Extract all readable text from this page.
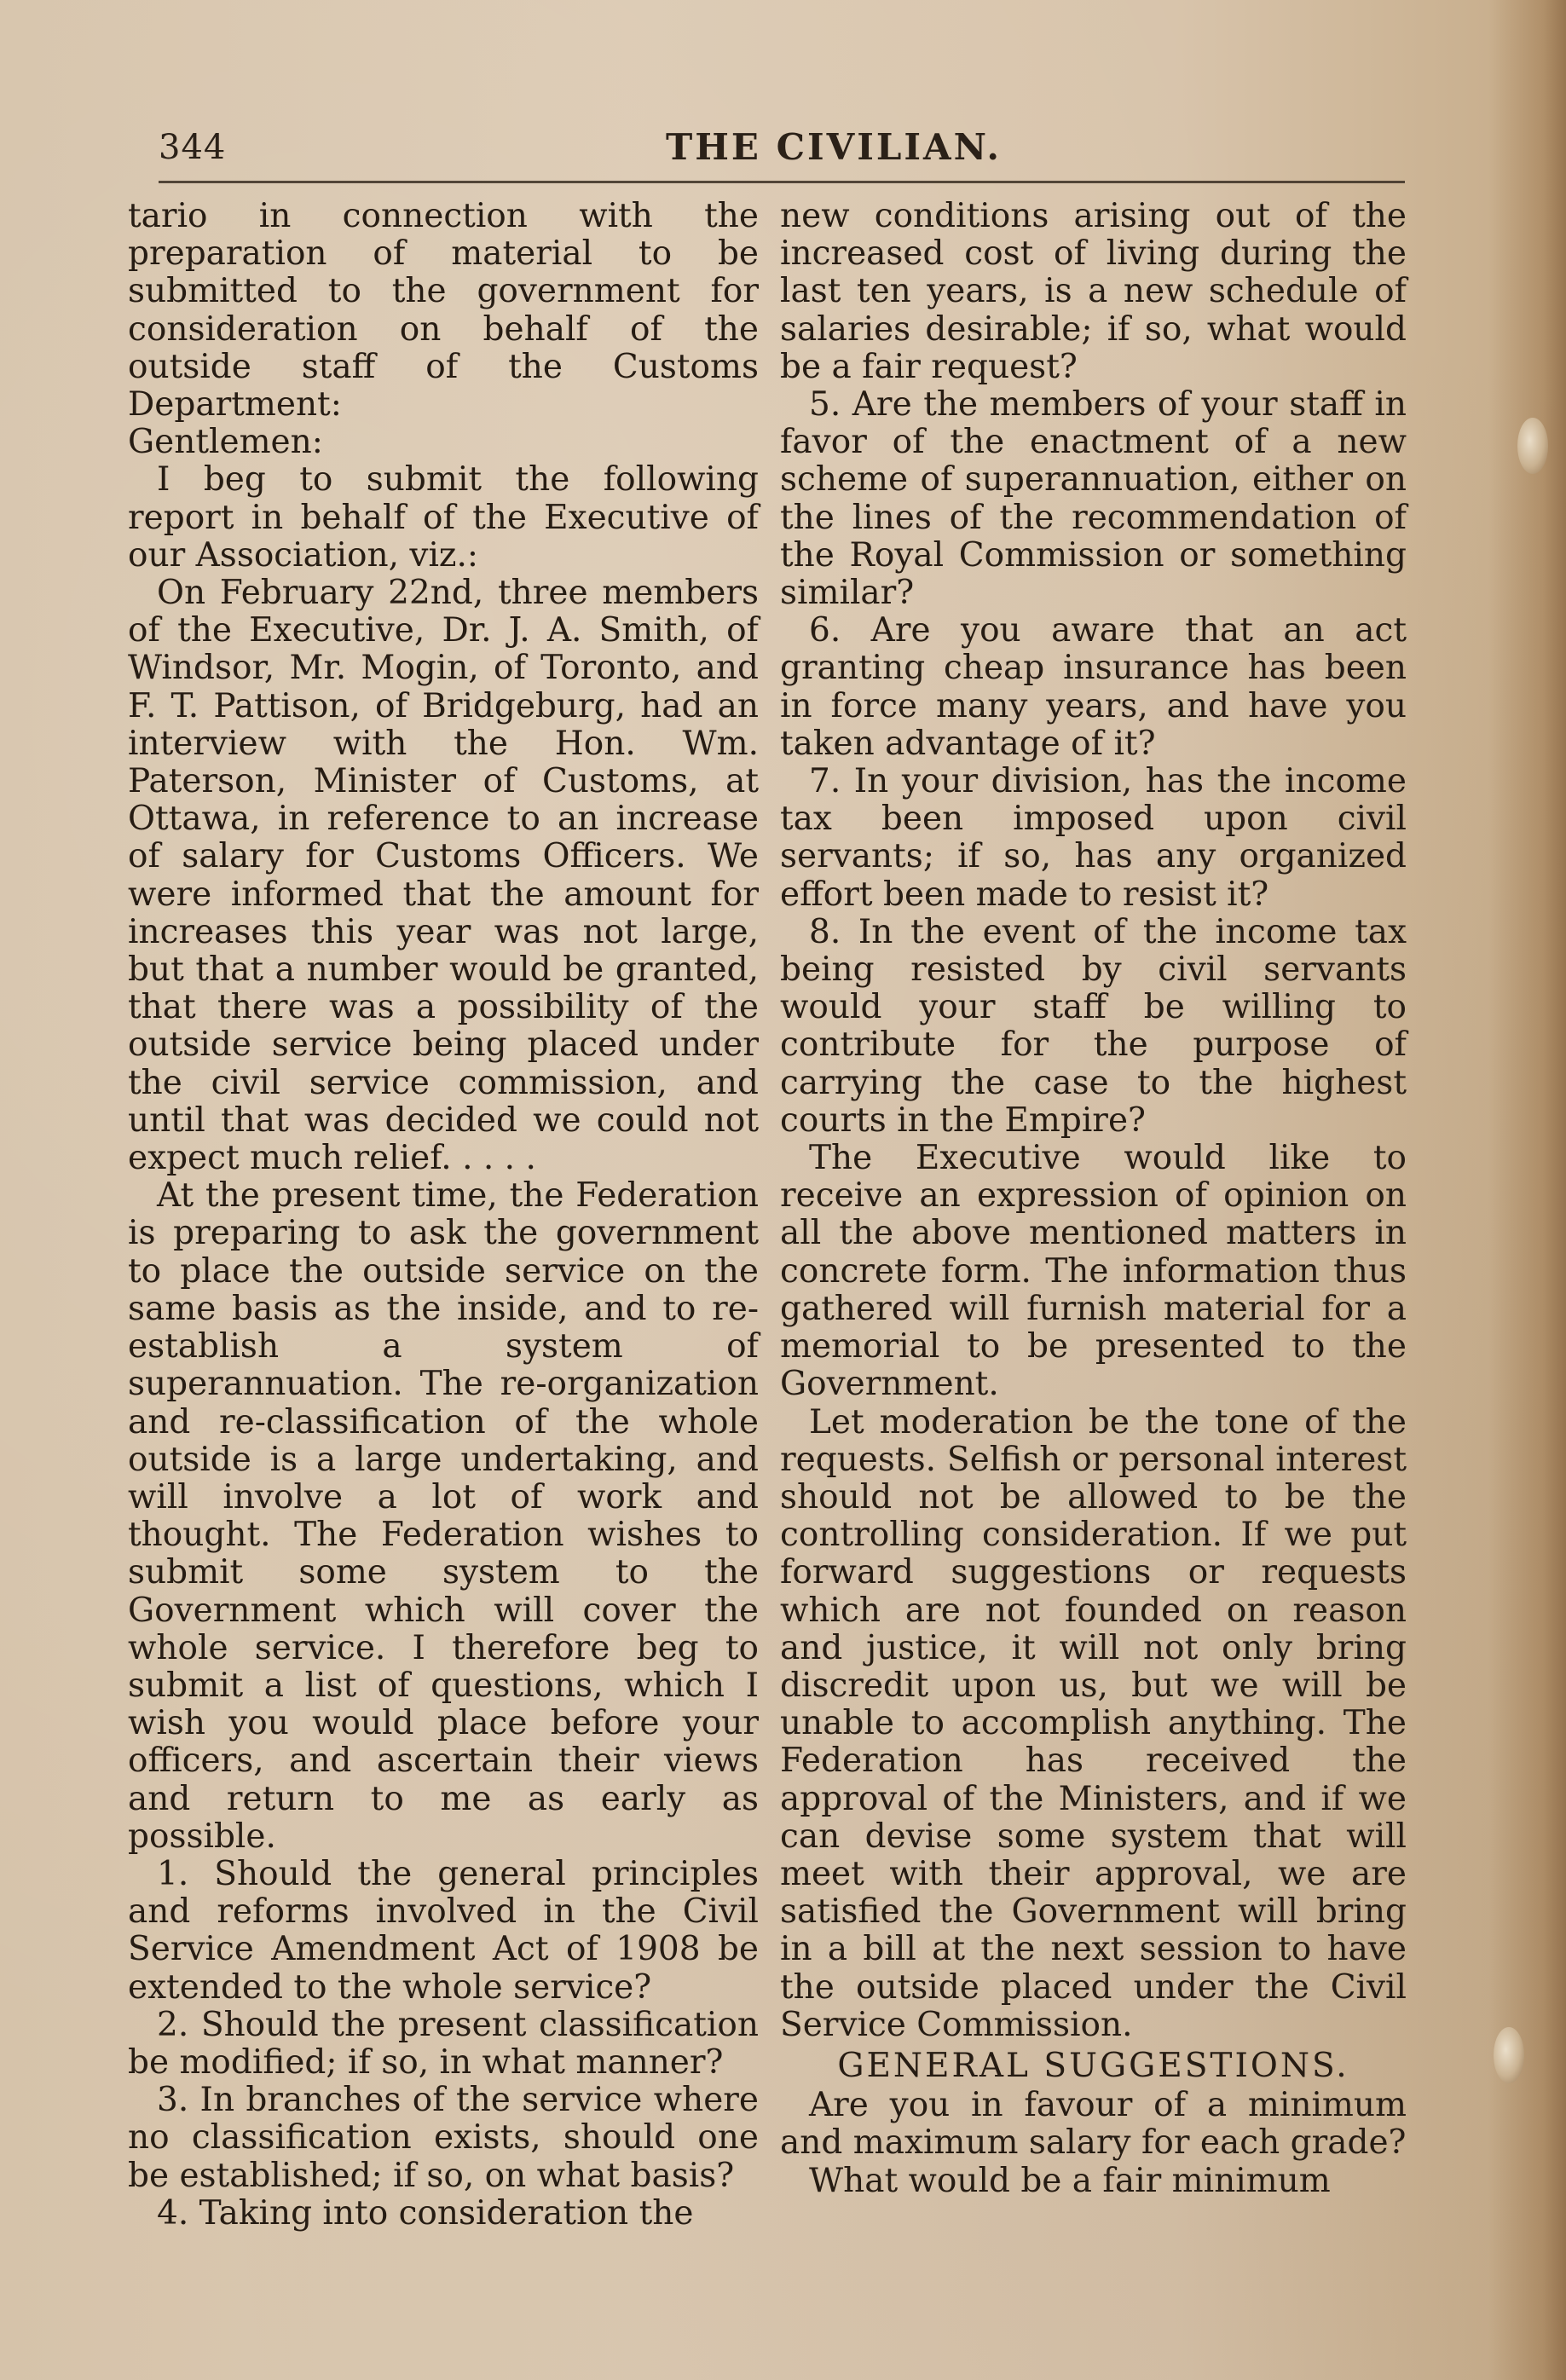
344	THE CIVILIAN.

tario in connection with the preparation of material to be submitted to the government for consideration on behalf of the outside staff of the Customs Department:

Gentlemen:

I beg to submit the following report in behalf of the Executive of our Association, viz.:

On February 22nd, three members of the Executive, Dr. J. A. Smith, of Windsor, Mr. Mogin, of Toronto, and F. T. Pattison, of Bridgeburg, had an interview with the Hon. Wm. Paterson, Minister of Customs, at Ottawa, in reference to an increase of salary for Customs Officers. We were informed that the amount for increases this year was not large, but that a number would be granted, that there was a possibility of the outside service being placed under the civil service commission, and until that was decided we could not expect much relief. . . . .

At the present time, the Federation is preparing to ask the government to place the outside service on the same basis as the inside, and to re-establish a system of superannuation. The re-organization and re-classification of the whole outside is a large undertaking, and will involve a lot of work and thought. The Federation wishes to submit some system to the Government which will cover the whole service. I therefore beg to submit a list of questions, which I wish you would place before your officers, and ascertain their views and return to me as early as possible.

1. Should the general principles and reforms involved in the Civil Service Amendment Act of 1908 be extended to the whole service?

2. Should the present classification be modified; if so, in what manner?

3. In branches of the service where no classification exists, should one be established; if so, on what basis?

4. Taking into consideration the

new conditions arising out of the increased cost of living during the last ten years, is a new schedule of salaries desirable; if so, what would be a fair request?

5. Are the members of your staff in favor of the enactment of a new scheme of superannuation, either on the lines of the recommendation of the Royal Commission or something similar?

6. Are you aware that an act granting cheap insurance has been in force many years, and have you taken advantage of it?

7. In your division, has the income tax been imposed upon civil servants; if so, has any organized effort been made to resist it?

8. In the event of the income tax being resisted by civil servants would your staff be willing to contribute for the purpose of carrying the case to the highest courts in the Empire?

The Executive would like to receive an expression of opinion on all the above mentioned matters in concrete form. The information thus gathered will furnish material for a memorial to be presented to the Government.

Let moderation be the tone of the requests. Selfish or personal interest should not be allowed to be the controlling consideration. If we put forward suggestions or requests which are not founded on reason and justice, it will not only bring discredit upon us, but we will be unable to accomplish anything. The Federation has received the approval of the Ministers, and if we can devise some system that will meet with their approval, we are satisfied the Government will bring in a bill at the next session to have the outside placed under the Civil Service Commission.

GENERAL SUGGESTIONS.

Are you in favour of a minimum and maximum salary for each grade?

What would be a fair minimum
